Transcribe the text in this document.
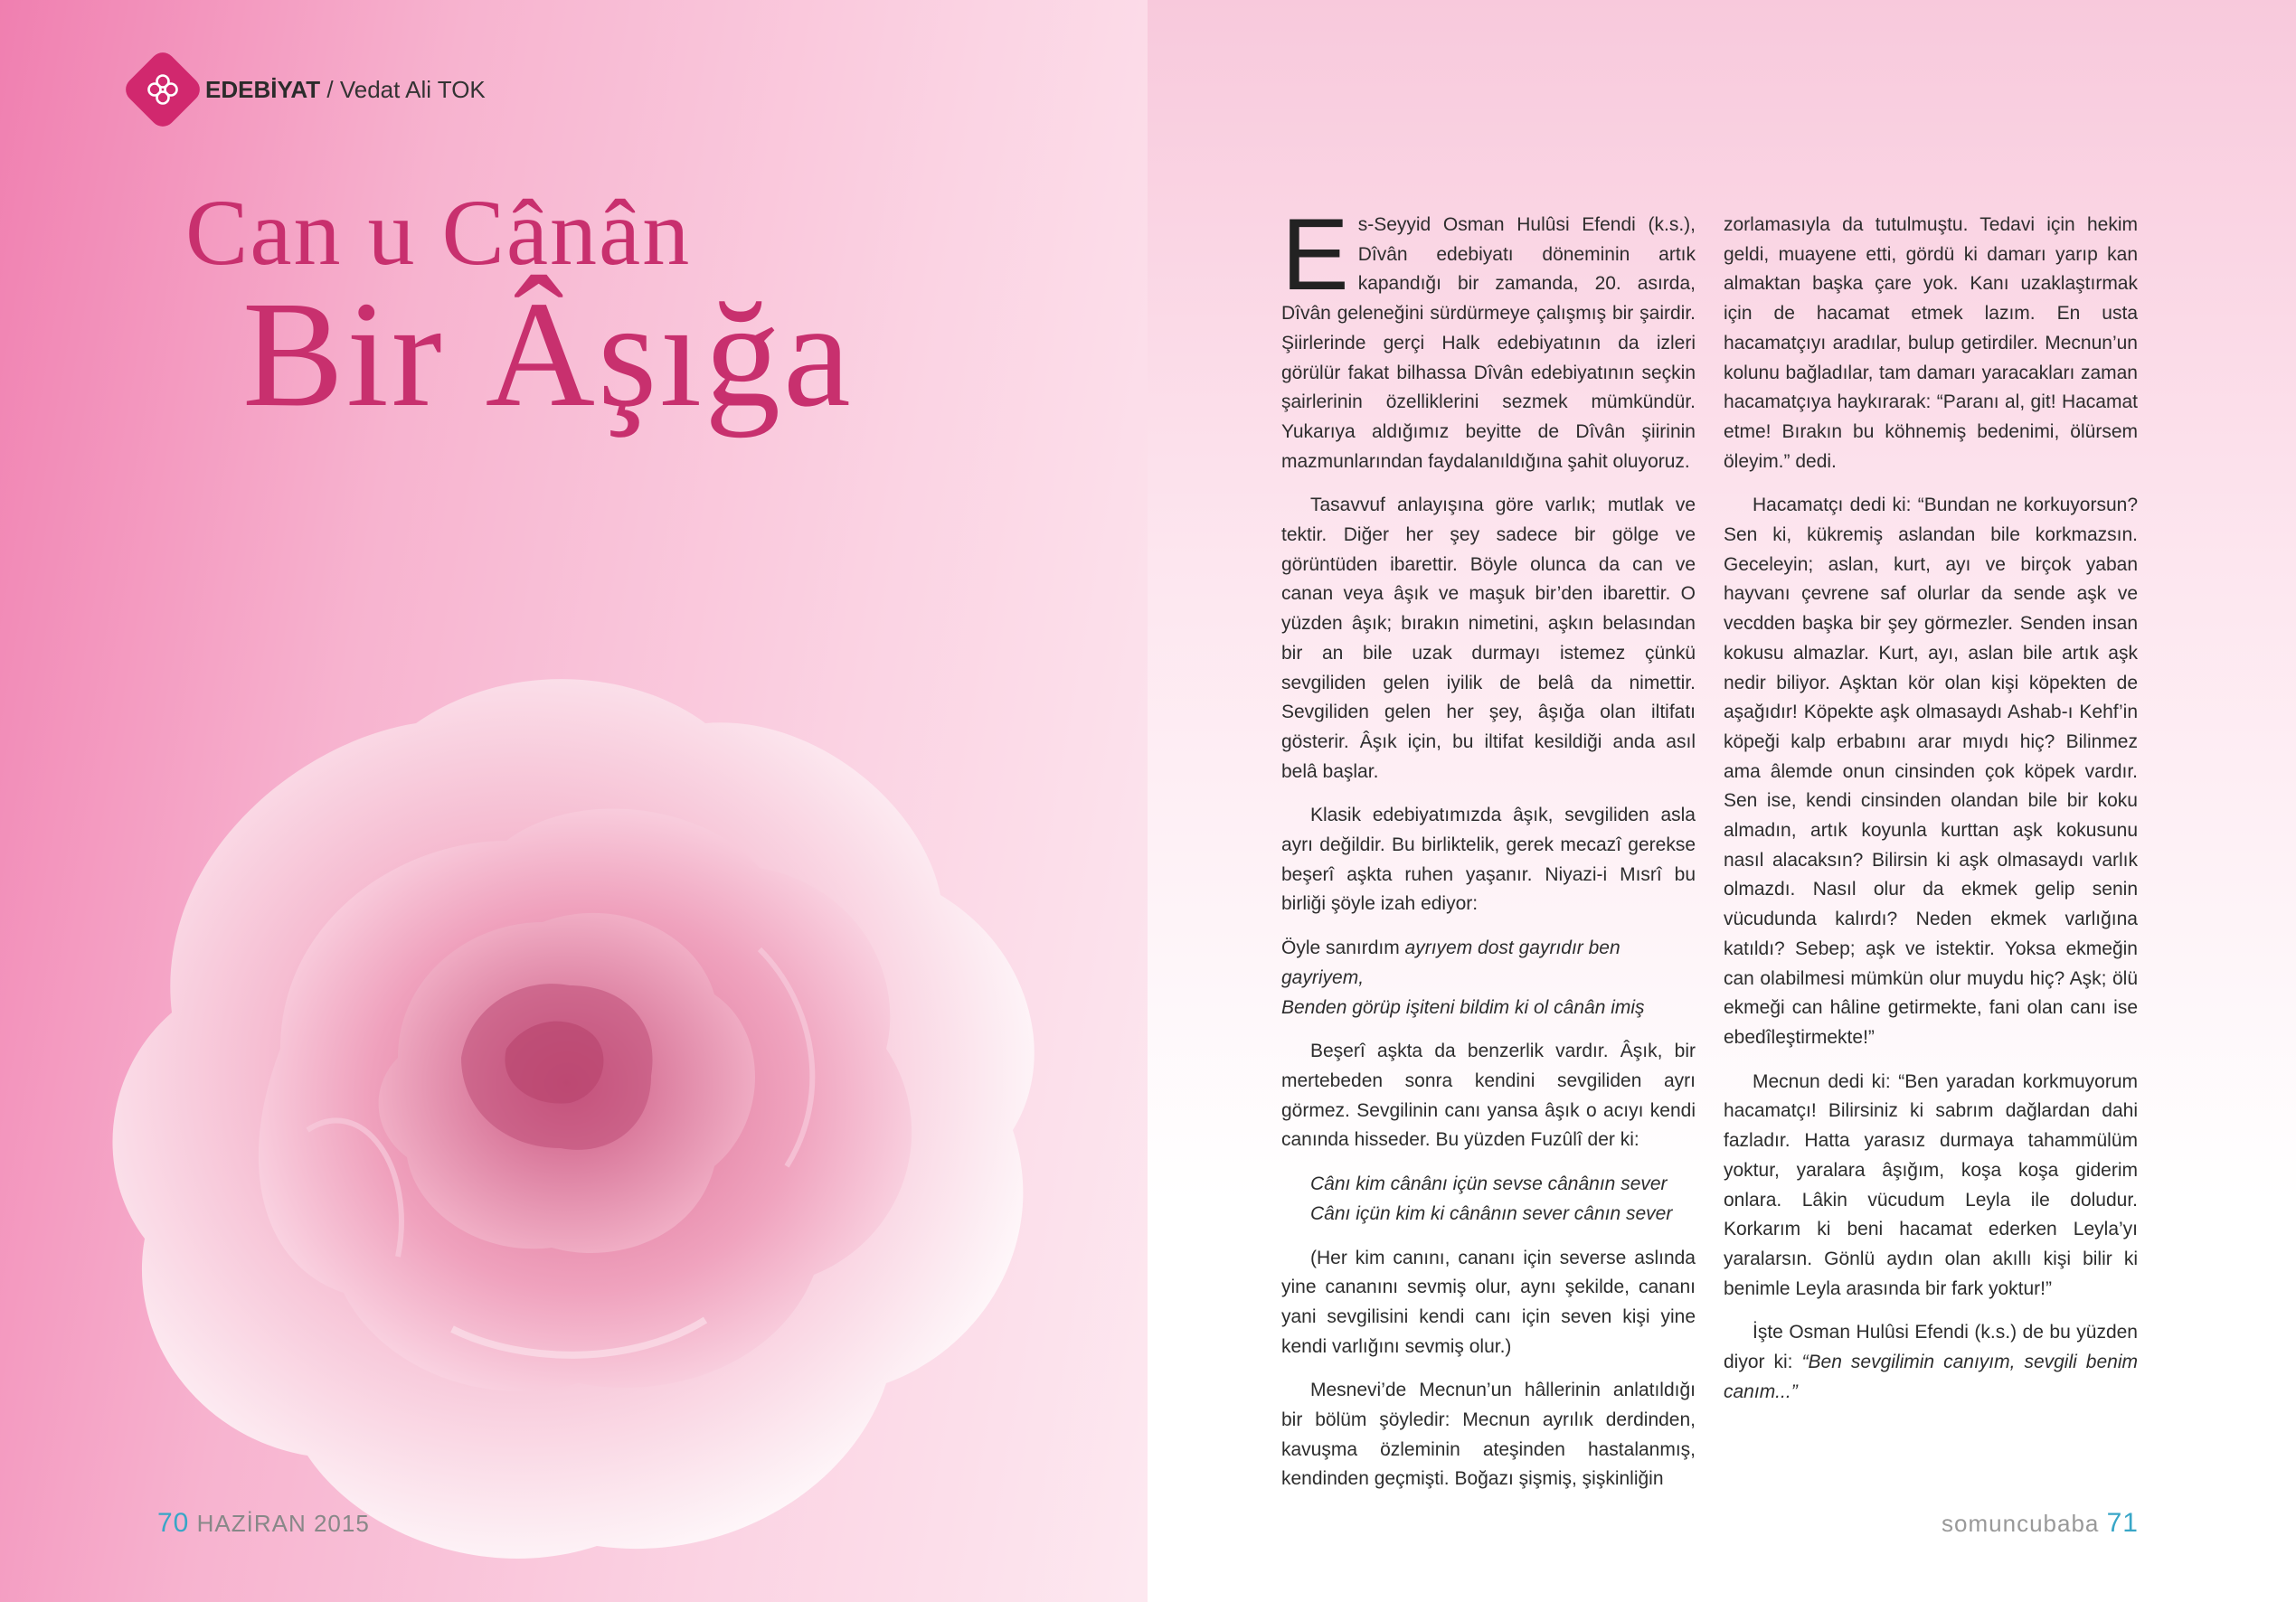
EDEBİYAT / Vedat Ali TOK
Can u Cânân
Bir Âşığa
70 HAZİRAN 2015

Es-Seyyid Osman Hulûsi Efendi (k.s.), Dîvân edebiyatı döneminin artık kapandığı bir zamanda, 20. asırda, Dîvân geleneğini sürdürmeye çalışmış bir şairdir. Şiirlerinde gerçi Halk edebiyatının da izleri görülür fakat bilhassa Dîvân edebiyatının seçkin şairlerinin özelliklerini sezmek mümkündür. Yukarıya aldığımız beyitte de Dîvân şiirinin mazmunlarından faydalanıldığına şahit oluyoruz.

Tasavvuf anlayışına göre varlık; mutlak ve tektir. Diğer her şey sadece bir gölge ve görüntüden ibarettir. Böyle olunca da can ve canan veya âşık ve maşuk bir’den ibarettir. O yüzden âşık; bırakın nimetini, aşkın belasından bir an bile uzak durmayı istemez çünkü sevgiliden gelen iyilik de belâ da nimettir. Sevgiliden gelen her şey, âşığa olan iltifatı gösterir. Âşık için, bu iltifat kesildiği anda asıl belâ başlar.

Klasik edebiyatımızda âşık, sevgiliden asla ayrı değildir. Bu birliktelik, gerek mecazî gerekse beşerî aşkta ruhen yaşanır. Niyazi-i Mısrî bu birliği şöyle izah ediyor:

Öyle sanırdım ayrıyem dost gayrıdır ben gayriyem,
Benden görüp işiteni bildim ki ol cânân imiş

Beşerî aşkta da benzerlik vardır. Âşık, bir mertebeden sonra kendini sevgiliden ayrı görmez. Sevgilinin canı yansa âşık o acıyı kendi canında hisseder. Bu yüzden Fuzûlî der ki:

Cânı kim cânânı içün sevse cânânın sever
Cânı içün kim ki cânânın sever cânın sever

(Her kim canını, cananı için severse aslında yine cananını sevmiş olur, aynı şekilde, cananı yani sevgilisini kendi canı için seven kişi yine kendi varlığını sevmiş olur.)

Mesnevi’de Mecnun’un hâllerinin anlatıldığı bir bölüm şöyledir: Mecnun ayrılık derdinden, kavuşma özleminin ateşinden hastalanmış, kendinden geçmişti. Boğazı şişmiş, şişkinliğin

zorlamasıyla da tutulmuştu. Tedavi için hekim geldi, muayene etti, gördü ki damarı yarıp kan almaktan başka çare yok. Kanı uzaklaştırmak için de hacamat etmek lazım. En usta hacamatçıyı aradılar, bulup getirdiler. Mecnun’un kolunu bağladılar, tam damarı yaracakları zaman hacamatçıya haykırarak: “Paranı al, git! Hacamat etme! Bırakın bu köhnemiş bedenimi, ölürsem öleyim.” dedi.

Hacamatçı dedi ki: “Bundan ne korkuyorsun? Sen ki, kükremiş aslandan bile korkmazsın. Geceleyin; aslan, kurt, ayı ve birçok yaban hayvanı çevrene saf olurlar da sende aşk ve vecdden başka bir şey görmezler. Senden insan kokusu almazlar. Kurt, ayı, aslan bile artık aşk nedir biliyor. Aşktan kör olan kişi köpekten de aşağıdır! Köpekte aşk olmasaydı Ashab-ı Kehf’in köpeği kalp erbabını arar mıydı hiç? Bilinmez ama âlemde onun cinsinden çok köpek vardır. Sen ise, kendi cinsinden olandan bile bir koku almadın, artık koyunla kurttan aşk kokusunu nasıl alacaksın? Bilirsin ki aşk olmasaydı varlık olmazdı. Nasıl olur da ekmek gelip senin vücudunda kalırdı? Neden ekmek varlığına katıldı? Sebep; aşk ve istektir. Yoksa ekmeğin can olabilmesi mümkün olur muydu hiç? Aşk; ölü ekmeği can hâline getirmekte, fani olan canı ise ebedîleştirmekte!”

Mecnun dedi ki: “Ben yaradan korkmuyorum hacamatçı! Bilirsiniz ki sabrım dağlardan dahi fazladır. Hatta yarasız durmaya tahammülüm yoktur, yaralara âşığım, koşa koşa giderim onlara. Lâkin vücudum Leyla ile doludur. Korkarım ki beni hacamat ederken Leyla’yı yaralarsın. Gönlü aydın olan akıllı kişi bilir ki benimle Leyla arasında bir fark yoktur!”

İşte Osman Hulûsi Efendi (k.s.) de bu yüzden diyor ki: “Ben sevgilimin canıyım, sevgili benim canım...”

somuncubaba 71
